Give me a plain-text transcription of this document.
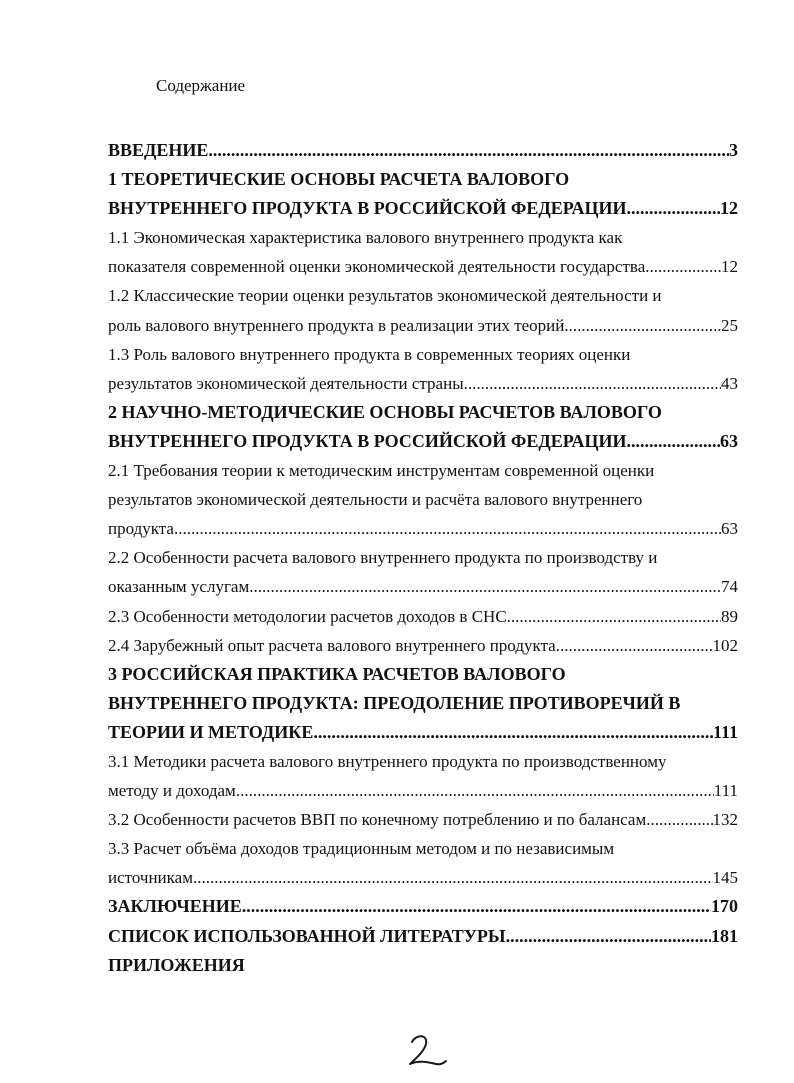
Содержание
ВВЕДЕНИЕ .....	3
1 ТЕОРЕТИЧЕСКИЕ ОСНОВЫ РАСЧЕТА ВАЛОВОГО
ВНУТРЕННЕГО ПРОДУКТА В РОССИЙСКОЙ ФЕДЕРАЦИИ .....	12
1.1 Экономическая характеристика валового внутреннего продукта как
показателя современной оценки экономической деятельности государства .....	12
1.2 Классические теории оценки результатов экономической деятельности и
роль валового внутреннего продукта в реализации этих теорий .....	25
1.3 Роль валового внутреннего продукта в современных теориях оценки
результатов экономической деятельности страны .....	43
2 НАУЧНО-МЕТОДИЧЕСКИЕ ОСНОВЫ РАСЧЕТОВ ВАЛОВОГО
ВНУТРЕННЕГО ПРОДУКТА В РОССИЙСКОЙ ФЕДЕРАЦИИ .....	63
2.1 Требования теории к методическим инструментам современной оценки
результатов экономической деятельности и расчёта валового внутреннего
продукта .....	63
2.2 Особенности расчета валового внутреннего продукта по производству и
оказанным услугам .....	74
2.3 Особенности методологии расчетов доходов в СНС .....	89
2.4 Зарубежный опыт расчета валового внутреннего продукта .....	102
3 РОССИЙСКАЯ ПРАКТИКА РАСЧЕТОВ ВАЛОВОГО
ВНУТРЕННЕГО ПРОДУКТА: ПРЕОДОЛЕНИЕ ПРОТИВОРЕЧИЙ В
ТЕОРИИ И МЕТОДИКЕ .....	111
3.1 Методики расчета валового внутреннего продукта по производственному
методу и доходам .....	111
3.2 Особенности расчетов ВВП по конечному потреблению и по балансам .....	132
3.3 Расчет объёма доходов традиционным методом и по независимым
источникам .....	145
ЗАКЛЮЧЕНИЕ .....	170
СПИСОК ИСПОЛЬЗОВАННОЙ ЛИТЕРАТУРЫ .....	181
ПРИЛОЖЕНИЯ
